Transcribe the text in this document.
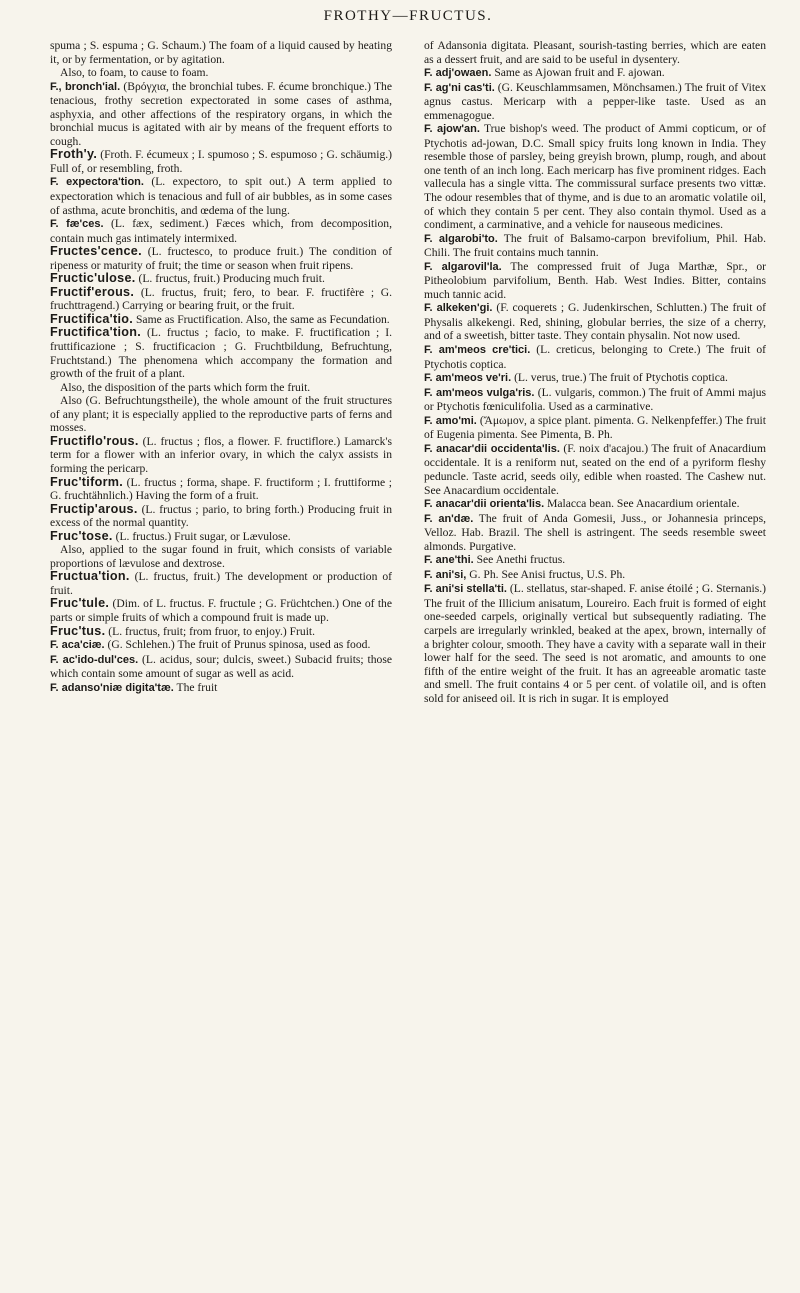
FROTHY—FRUCTUS.

spuma ; S. espuma ; G. Schaum.) The foam of a liquid caused by heating it, or by fermentation, or by agitation.

Also, to foam, to cause to foam.

F., bronch'ial. (Βρόγχια, the bronchial tubes. F. écume bronchique.) The tenacious, frothy secretion expectorated in some cases of asthma, asphyxia, and other affections of the respiratory organs, in which the bronchial mucus is agitated with air by means of the frequent efforts to cough.

Froth'y. (Froth. F. écumeux ; I. spumoso ; S. espumoso ; G. schäumig.) Full of, or resembling, froth.

F. expectora'tion. (L. expectoro, to spit out.) A term applied to expectoration which is tenacious and full of air bubbles, as in some cases of asthma, acute bronchitis, and œdema of the lung.

F. fæ'ces. (L. fæx, sediment.) Fæces which, from decomposition, contain much gas intimately intermixed.

Fructes'cence. (L. fructesco, to produce fruit.) The condition of ripeness or maturity of fruit; the time or season when fruit ripens.

Fructic'ulose. (L. fructus, fruit.) Producing much fruit.

Fructif'erous. (L. fructus, fruit; fero, to bear. F. fructifère ; G. fruchttragend.) Carrying or bearing fruit, or the fruit.

Fructifica'tio. Same as Fructification. Also, the same as Fecundation.

Fructifica'tion. (L. fructus ; facio, to make. F. fructification ; I. fruttificazione ; S. fructificacion ; G. Fruchtbildung, Befruchtung, Fruchtstand.) The phenomena which accompany the formation and growth of the fruit of a plant.

Also, the disposition of the parts which form the fruit.

Also (G. Befruchtungstheile), the whole amount of the fruit structures of any plant; it is especially applied to the reproductive parts of ferns and mosses.

Fructiflo'rous. (L. fructus ; flos, a flower. F. fructiflore.) Lamarck's term for a flower with an inferior ovary, in which the calyx assists in forming the pericarp.

Fruc'tiform. (L. fructus ; forma, shape. F. fructiform ; I. fruttiforme ; G. fruchtähnlich.) Having the form of a fruit.

Fructip'arous. (L. fructus ; pario, to bring forth.) Producing fruit in excess of the normal quantity.

Fruc'tose. (L. fructus.) Fruit sugar, or Lævulose.

Also, applied to the sugar found in fruit, which consists of variable proportions of lævulose and dextrose.

Fructua'tion. (L. fructus, fruit.) The development or production of fruit.

Fruc'tule. (Dim. of L. fructus. F. fructule ; G. Früchtchen.) One of the parts or simple fruits of which a compound fruit is made up.

Fruc'tus. (L. fructus, fruit; from fruor, to enjoy.) Fruit.

F. aca'ciæ. (G. Schlehen.) The fruit of Prunus spinosa, used as food.

F. ac'ido-dul'ces. (L. acidus, sour; dulcis, sweet.) Subacid fruits; those which contain some amount of sugar as well as acid.

F. adanso'niæ digita'tæ. The fruit

of Adansonia digitata. Pleasant, sourish-tasting berries, which are eaten as a dessert fruit, and are said to be useful in dysentery.

F. adj'owaen. Same as Ajowan fruit and F. ajowan.

F. ag'ni cas'ti. (G. Keuschlammsamen, Mönchsamen.) The fruit of Vitex agnus castus. Mericarp with a pepper-like taste. Used as an emmenagogue.

F. ajow'an. True bishop's weed. The product of Ammi copticum, or of Ptychotis ad-jowan, D.C. Small spicy fruits long known in India. They resemble those of parsley, being greyish brown, plump, rough, and about one tenth of an inch long. Each mericarp has five prominent ridges. Each vallecula has a single vitta. The commissural surface presents two vittæ. The odour resembles that of thyme, and is due to an aromatic volatile oil, of which they contain 5 per cent. They also contain thymol. Used as a condiment, a carminative, and a vehicle for nauseous medicines.

F. algarobi'to. The fruit of Balsamo-carpon brevifolium, Phil. Hab. Chili. The fruit contains much tannin.

F. algarovil'la. The compressed fruit of Juga Marthæ, Spr., or Pitheolobium parvifolium, Benth. Hab. West Indies. Bitter, contains much tannic acid.

F. alkeken'gi. (F. coquerets ; G. Judenkirschen, Schlutten.) The fruit of Physalis alkekengi. Red, shining, globular berries, the size of a cherry, and of a sweetish, bitter taste. They contain physalin. Not now used.

F. am'meos cre'tici. (L. creticus, belonging to Crete.) The fruit of Ptychotis coptica.

F. am'meos ve'ri. (L. verus, true.) The fruit of Ptychotis coptica.

F. am'meos vulga'ris. (L. vulgaris, common.) The fruit of Ammi majus or Ptychotis fœniculifolia. Used as a carminative.

F. amo'mi. (Ἄμωμον, a spice plant. pimenta. G. Nelkenpfeffer.) The fruit of Eugenia pimenta. See Pimenta, B. Ph.

F. anacar'dii occidenta'lis. (F. noix d'acajou.) The fruit of Anacardium occidentale. It is a reniform nut, seated on the end of a pyriform fleshy peduncle. Taste acrid, seeds oily, edible when roasted. The Cashew nut. See Anacardium occidentale.

F. anacar'dii orienta'lis. Malacca bean. See Anacardium orientale.

F. an'dæ. The fruit of Anda Gomesii, Juss., or Johannesia princeps, Velloz. Hab. Brazil. The shell is astringent. The seeds resemble sweet almonds. Purgative.

F. ane'thi. See Anethi fructus.

F. ani'si, G. Ph. See Anisi fructus, U.S. Ph.

F. ani'si stella'ti. (L. stellatus, star-shaped. F. anise étoilé ; G. Sternanis.) The fruit of the Illicium anisatum, Loureiro. Each fruit is formed of eight one-seeded carpels, originally vertical but subsequently radiating. The carpels are irregularly wrinkled, beaked at the apex, brown, internally of a brighter colour, smooth. They have a cavity with a separate wall in their lower half for the seed. The seed is not aromatic, and amounts to one fifth of the entire weight of the fruit. It has an agreeable aromatic taste and smell. The fruit contains 4 or 5 per cent. of volatile oil, and is often sold for aniseed oil. It is rich in sugar. It is employed
